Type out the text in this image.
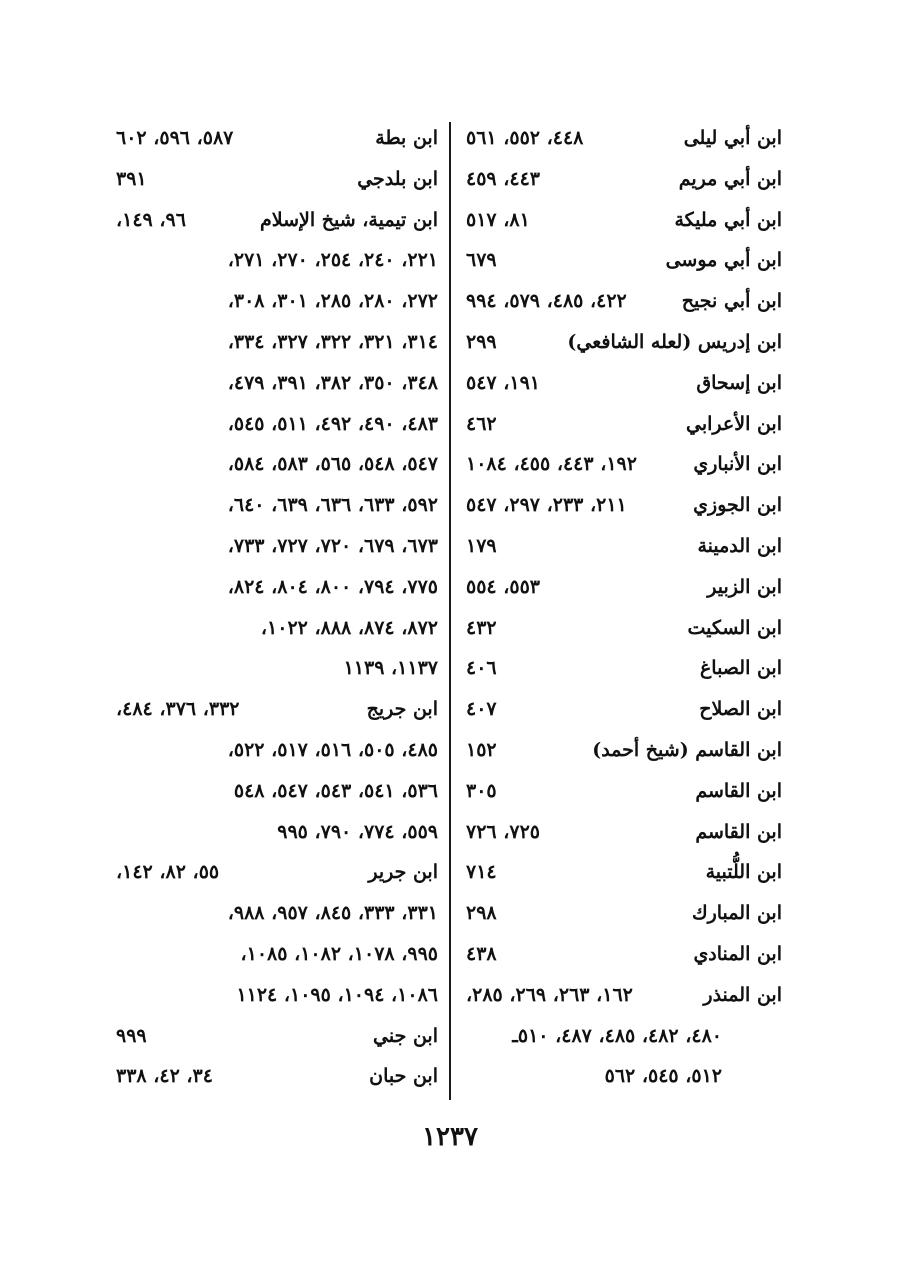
ابن أبي ليلى
٤٤٨، ٥٥٢، ٥٦١
ابن أبي مريم
٤٤٣، ٤٥٩
ابن أبي مليكة
٨١، ٥١٧
ابن أبي موسى
٦٧٩
ابن أبي نجيح
٤٢٢، ٤٨٥، ٥٧٩، ٩٩٤
ابن إدريس (لعله الشافعي)
٢٩٩
ابن إسحاق
١٩١، ٥٤٧
ابن الأعرابي
٤٦٢
ابن الأنباري
١٩٢، ٤٤٣، ٤٥٥، ١٠٨٤
ابن الجوزي
٢١١، ٢٣٣، ٢٩٧، ٥٤٧
ابن الدمينة
١٧٩
ابن الزبير
٥٥٣، ٥٥٤
ابن السكيت
٤٣٢
ابن الصباغ
٤٠٦
ابن الصلاح
٤٠٧
ابن القاسم (شيخ أحمد)
١٥٢
ابن القاسم
٣٠٥
ابن القاسم
٧٢٥، ٧٢٦
ابن اللُّتبية
٧١٤
ابن المبارك
٢٩٨
ابن المنادي
٤٣٨
ابن المنذر
١٦٢، ٢٦٣، ٢٦٩، ٢٨٥،
٤٨٠، ٤٨٢، ٤٨٥، ٤٨٧، ٥١٠ـ
٥١٢، ٥٤٥، ٥٦٢
ابن بطة
٥٨٧، ٥٩٦، ٦٠٢
ابن بلدجي
٣٩١
ابن تيمية، شيخ الإسلام
٩٦، ١٤٩،
٢٢١، ٢٤٠، ٢٥٤، ٢٧٠، ٢٧١،
٢٧٢، ٢٨٠، ٢٨٥، ٣٠١، ٣٠٨،
٣١٤، ٣٢١، ٣٢٢، ٣٢٧، ٣٣٤،
٣٤٨، ٣٥٠، ٣٨٢، ٣٩١، ٤٧٩،
٤٨٣، ٤٩٠، ٤٩٢، ٥١١، ٥٤٥،
٥٤٧، ٥٤٨، ٥٦٥، ٥٨٣، ٥٨٤،
٥٩٢، ٦٣٣، ٦٣٦، ٦٣٩، ٦٤٠،
٦٧٣، ٦٧٩، ٧٢٠، ٧٢٧، ٧٣٣،
٧٧٥، ٧٩٤، ٨٠٠، ٨٠٤، ٨٢٤،
٨٧٢، ٨٧٤، ٨٨٨، ١٠٢٢،
١١٣٧، ١١٣٩
ابن جريج
٣٣٢، ٣٧٦، ٤٨٤،
٤٨٥، ٥٠٥، ٥١٦، ٥١٧، ٥٢٢،
٥٣٦، ٥٤١، ٥٤٣، ٥٤٧، ٥٤٨
٥٥٩، ٧٧٤، ٧٩٠، ٩٩٥
ابن جرير
٥٥، ٨٢، ١٤٢،
٣٣١، ٣٣٣، ٨٤٥، ٩٥٧، ٩٨٨،
٩٩٥، ١٠٧٨، ١٠٨٢، ١٠٨٥،
١٠٨٦، ١٠٩٤، ١٠٩٥، ١١٢٤
ابن جني
٩٩٩
ابن حبان
٣٤، ٤٢، ٣٣٨
١٢٣٧
